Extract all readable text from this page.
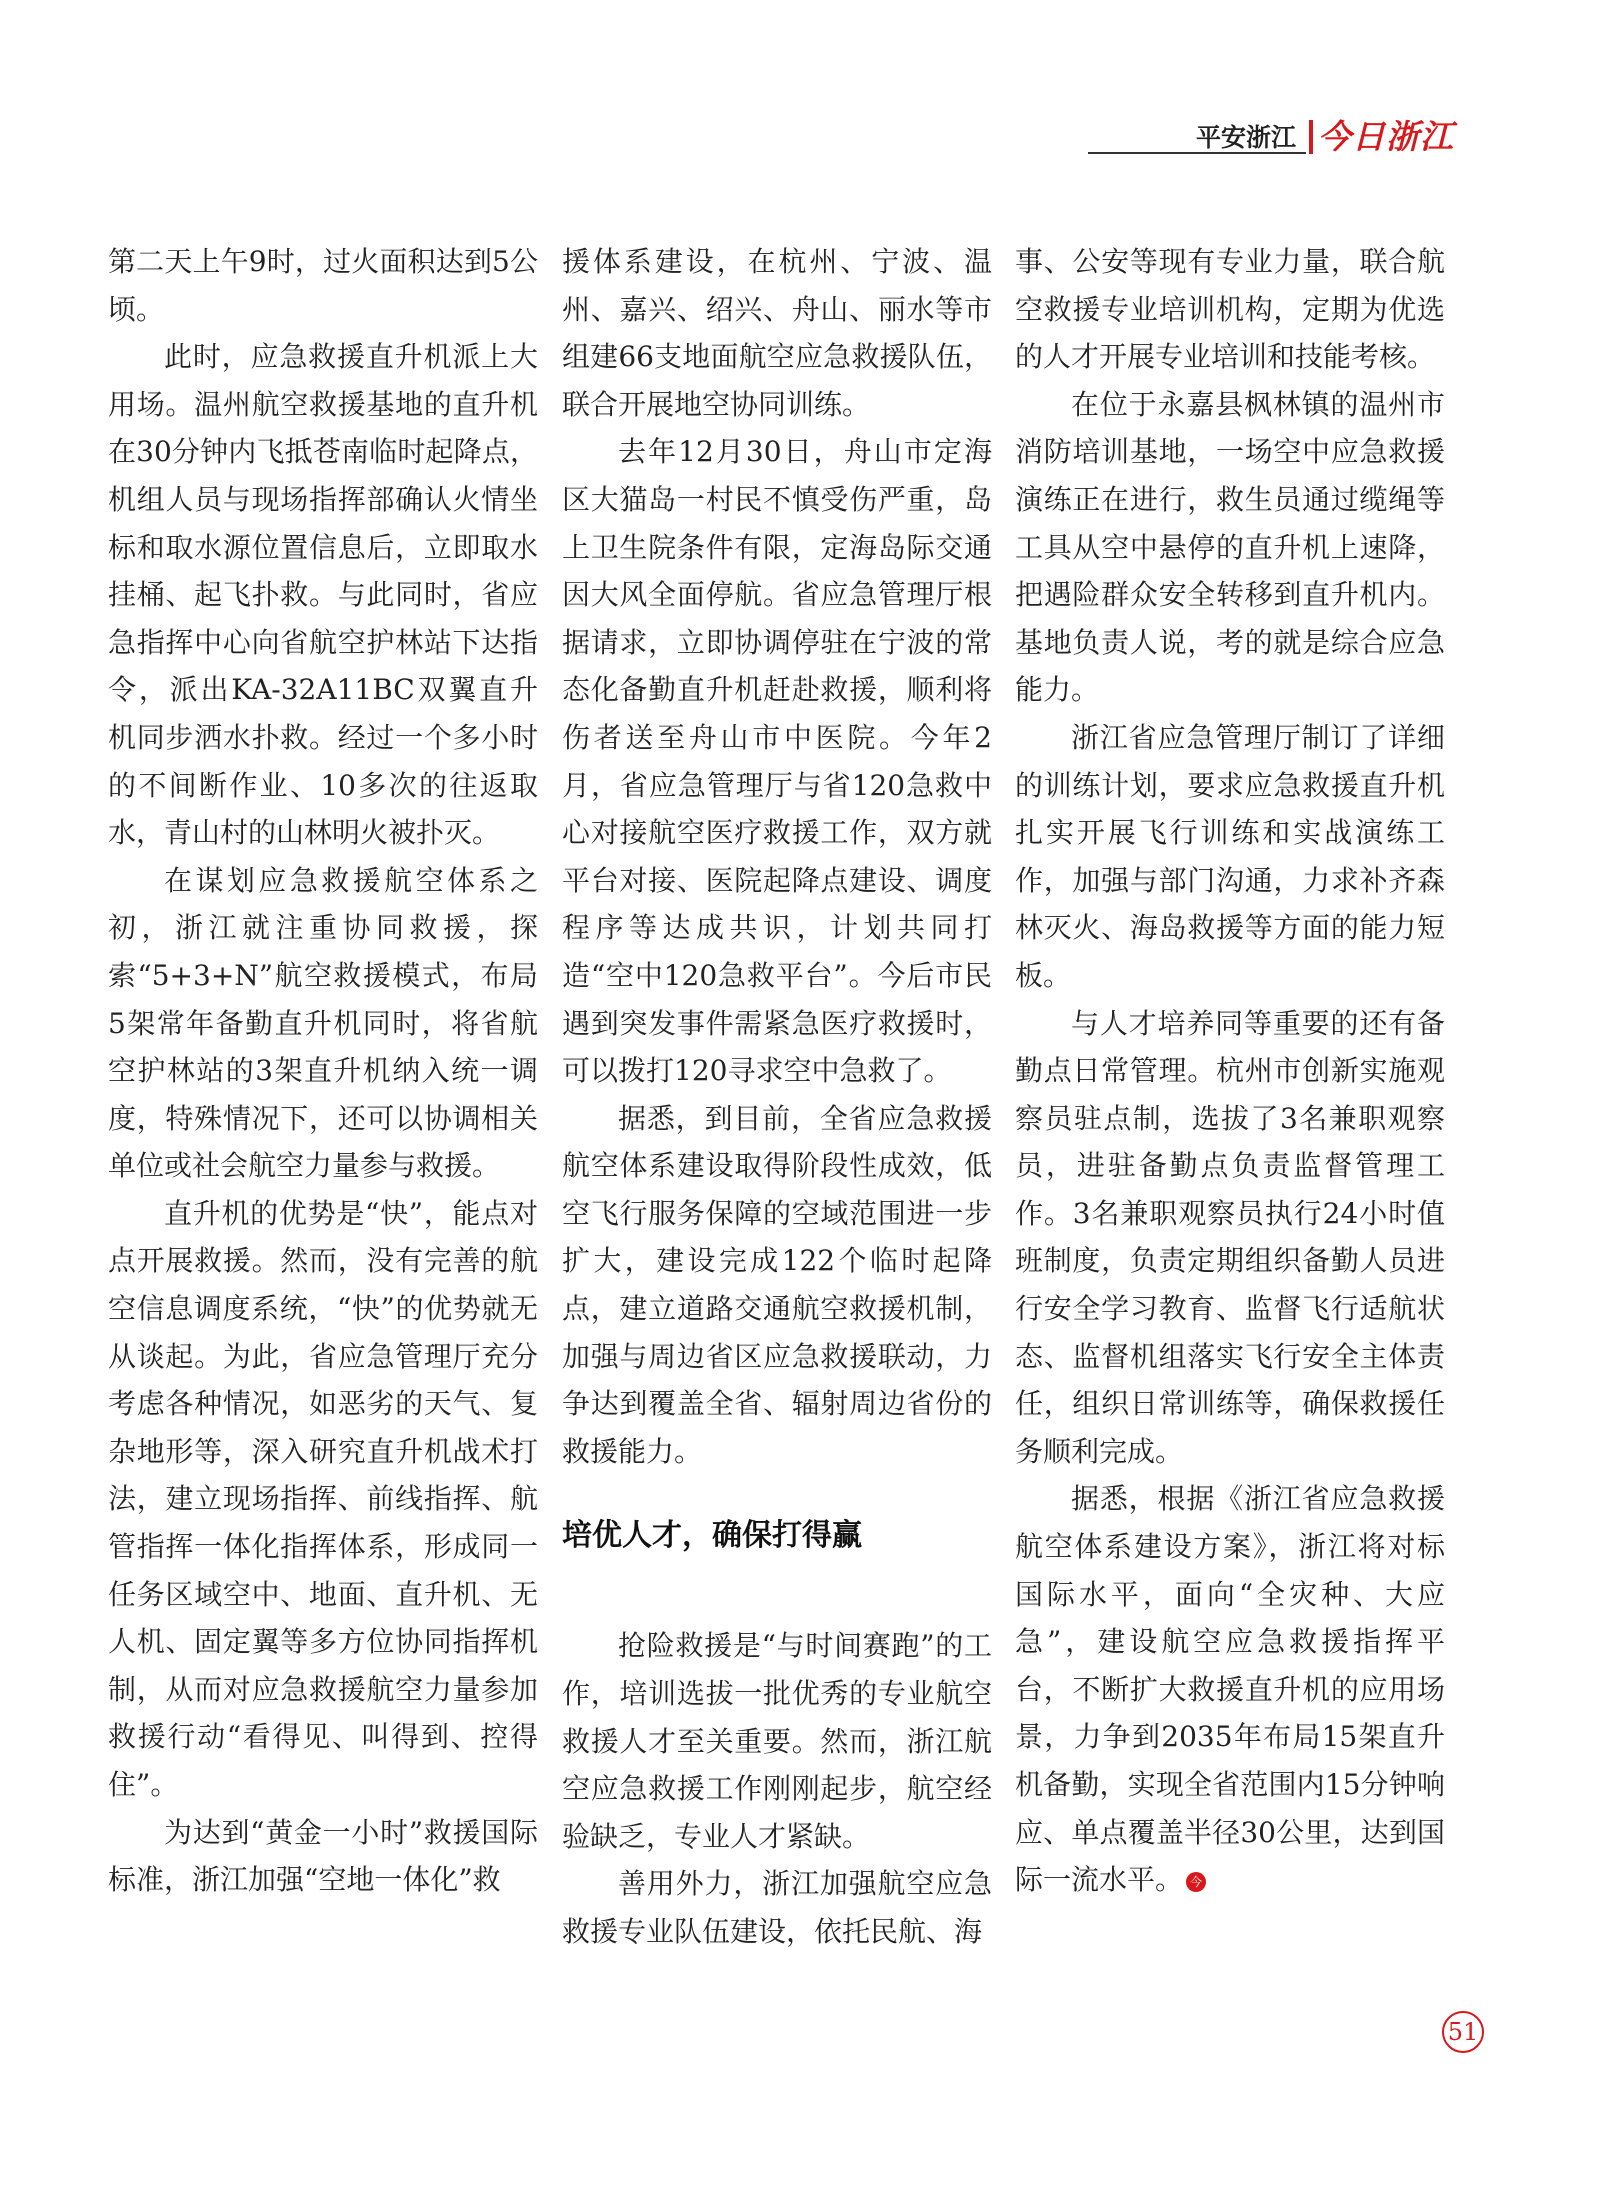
平安浙江 今日浙江

第二天上午9时，过火面积达到5公顷。

此时，应急救援直升机派上大用场。温州航空救援基地的直升机在30分钟内飞抵苍南临时起降点，机组人员与现场指挥部确认火情坐标和取水源位置信息后，立即取水挂桶、起飞扑救。与此同时，省应急指挥中心向省航空护林站下达指令，派出KA-32A11BC双翼直升机同步洒水扑救。经过一个多小时的不间断作业、10多次的往返取水，青山村的山林明火被扑灭。

在谋划应急救援航空体系之初，浙江就注重协同救援，探索“5+3+N”航空救援模式，布局5架常年备勤直升机同时，将省航空护林站的3架直升机纳入统一调度，特殊情况下，还可以协调相关单位或社会航空力量参与救援。

直升机的优势是“快”，能点对点开展救援。然而，没有完善的航空信息调度系统，“快”的优势就无从谈起。为此，省应急管理厅充分考虑各种情况，如恶劣的天气、复杂地形等，深入研究直升机战术打法，建立现场指挥、前线指挥、航管指挥一体化指挥体系，形成同一任务区域空中、地面、直升机、无人机、固定翼等多方位协同指挥机制，从而对应急救援航空力量参加救援行动“看得见、叫得到、控得住”。

为达到“黄金一小时”救援国际标准，浙江加强“空地一体化”救

援体系建设，在杭州、宁波、温州、嘉兴、绍兴、舟山、丽水等市组建66支地面航空应急救援队伍，联合开展地空协同训练。

去年12月30日，舟山市定海区大猫岛一村民不慎受伤严重，岛上卫生院条件有限，定海岛际交通因大风全面停航。省应急管理厅根据请求，立即协调停驻在宁波的常态化备勤直升机赶赴救援，顺利将伤者送至舟山市中医院。今年2月，省应急管理厅与省120急救中心对接航空医疗救援工作，双方就平台对接、医院起降点建设、调度程序等达成共识，计划共同打造“空中120急救平台”。今后市民遇到突发事件需紧急医疗救援时，可以拨打120寻求空中急救了。

据悉，到目前，全省应急救援航空体系建设取得阶段性成效，低空飞行服务保障的空域范围进一步扩大，建设完成122个临时起降点，建立道路交通航空救援机制，加强与周边省区应急救援联动，力争达到覆盖全省、辐射周边省份的救援能力。

培优人才，确保打得赢

抢险救援是“与时间赛跑”的工作，培训选拔一批优秀的专业航空救援人才至关重要。然而，浙江航空应急救援工作刚刚起步，航空经验缺乏，专业人才紧缺。

善用外力，浙江加强航空应急救援专业队伍建设，依托民航、海

事、公安等现有专业力量，联合航空救援专业培训机构，定期为优选的人才开展专业培训和技能考核。

在位于永嘉县枫林镇的温州市消防培训基地，一场空中应急救援演练正在进行，救生员通过缆绳等工具从空中悬停的直升机上速降，把遇险群众安全转移到直升机内。基地负责人说，考的就是综合应急能力。

浙江省应急管理厅制订了详细的训练计划，要求应急救援直升机扎实开展飞行训练和实战演练工作，加强与部门沟通，力求补齐森林灭火、海岛救援等方面的能力短板。

与人才培养同等重要的还有备勤点日常管理。杭州市创新实施观察员驻点制，选拔了3名兼职观察员，进驻备勤点负责监督管理工作。3名兼职观察员执行24小时值班制度，负责定期组织备勤人员进行安全学习教育、监督飞行适航状态、监督机组落实飞行安全主体责任，组织日常训练等，确保救援任务顺利完成。

据悉，根据《浙江省应急救援航空体系建设方案》，浙江将对标国际水平，面向“全灾种、大应急”，建设航空应急救援指挥平台，不断扩大救援直升机的应用场景，力争到2035年布局15架直升机备勤，实现全省范围内15分钟响应、单点覆盖半径30公里，达到国际一流水平。 今

51
